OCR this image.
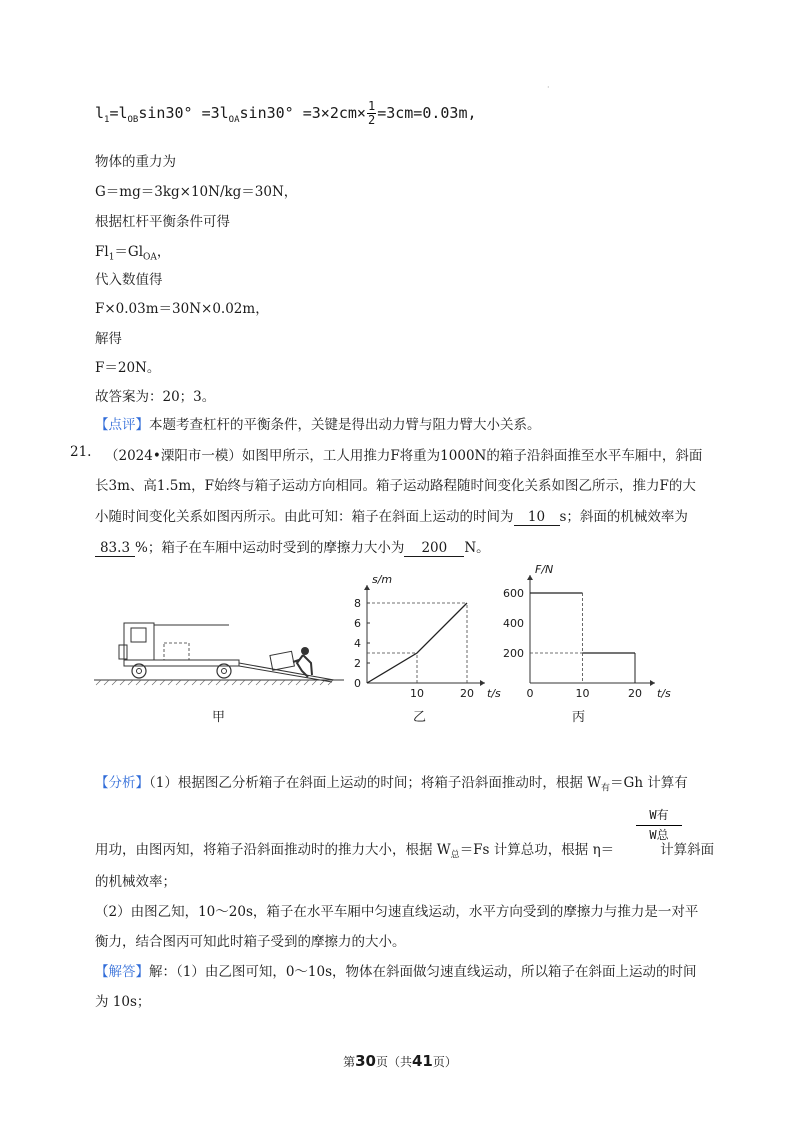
·
$l_1=l_{OB}\sin 30^\circ =3l_{OA}\sin 30^\circ =3\times 2cm\times \frac{1}{2} =3cm=0.03m$,
物体的重力为
G＝mg＝3kg×10N/kg＝30N，
根据杠杆平衡条件可得
$Fl_1=Gl_{OA}$，
代入数值得
F×0.03m＝30N×0.02m，
解得
F＝20N。
故答案为：20；3。
【点评】本题考查杠杆的平衡条件，关键是得出动力臂与阻力臂大小关系。
21. （2024•溧阳市一模）如图甲所示，工人用推力F将重为1000N的箱子沿斜面推至水平车厢中，斜面
长3m、高1.5m，F始终与箱子运动方向相同。箱子运动路程随时间变化关系如图乙所示，推力F的大
小随时间变化关系如图丙所示。由此可知：箱子在斜面上运动的时间为 10 s；斜面的机械效率为
83.3 %；箱子在车厢中运动时受到的摩擦力大小为 200 N。
甲
0
2
4
6
8
10	20
s/m
t/s
乙
200
400
600
0	10	20
F/N
t/s
丙
【分析】（1）根据图乙分析箱子在斜面上运动的时间；将箱子沿斜面推动时，根据 $W_有=Gh$ 计算有
W有
W总
用功，由图丙知，将箱子沿斜面推动时的推力大小，根据 $W_总=Fs$ 计算总功，根据 η＝	计算斜面
的机械效率；
（2）由图乙知，10～20s，箱子在水平车厢中匀速直线运动，水平方向受到的摩擦力与推力是一对平
衡力，结合图丙可知此时箱子受到的摩擦力的大小。
【解答】解：（1）由乙图可知，0～10s，物体在斜面做匀速直线运动，所以箱子在斜面上运动的时间
为 10s；
第30页（共41页）
